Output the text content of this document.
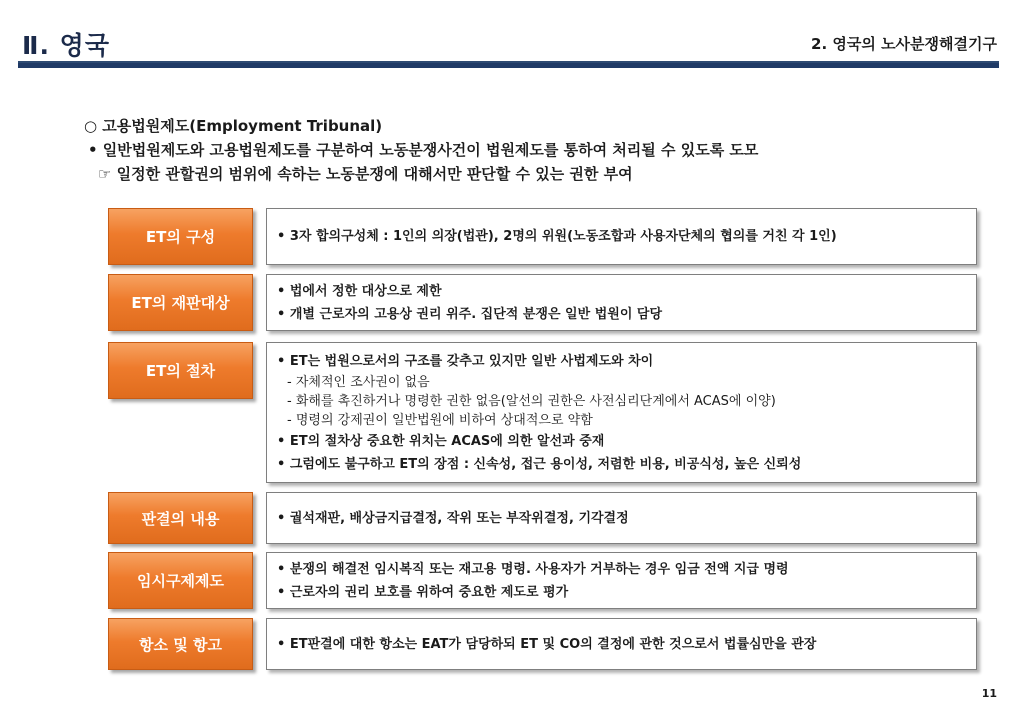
Ⅱ. 영국	2. 영국의 노사분쟁해결기구
○ 고용법원제도(Employment Tribunal)
• 일반법원제도와 고용법원제도를 구분하여 노동분쟁사건이 법원제도를 통하여 처리될 수 있도록 도모
☞ 일정한 관할권의 범위에 속하는 노동분쟁에 대해서만 판단할 수 있는 권한 부여
ET의 구성	• 3자 합의구성체 : 1인의 의장(법관), 2명의 위원(노동조합과 사용자단체의 협의를 거친 각 1인)
ET의 재판대상
• 법에서 정한 대상으로 제한
• 개별 근로자의 고용상 권리 위주. 집단적 분쟁은 일반 법원이 담당
ET의 절차
• ET는 법원으로서의 구조를 갖추고 있지만 일반 사법제도와 차이
- 자체적인 조사권이 없음
- 화해를 촉진하거나 명령한 권한 없음(알선의 권한은 사전심리단계에서 ACAS에 이양)
- 명령의 강제권이 일반법원에 비하여 상대적으로 약함
• ET의 절차상 중요한 위치는 ACAS에 의한 알선과 중재
• 그럼에도 불구하고 ET의 장점 : 신속성, 접근 용이성, 저렴한 비용, 비공식성, 높은 신뢰성
판결의 내용	• 궐석재판, 배상금지급결정, 작위 또는 부작위결정, 기각결정
임시구제제도
• 분쟁의 해결전 임시복직 또는 재고용 명령. 사용자가 거부하는 경우 임금 전액 지급 명령
• 근로자의 권리 보호를 위하여 중요한 제도로 평가
항소 및 항고	• ET판결에 대한 항소는 EAT가 담당하되 ET 및 CO의 결정에 관한 것으로서 법률심만을 관장
11
